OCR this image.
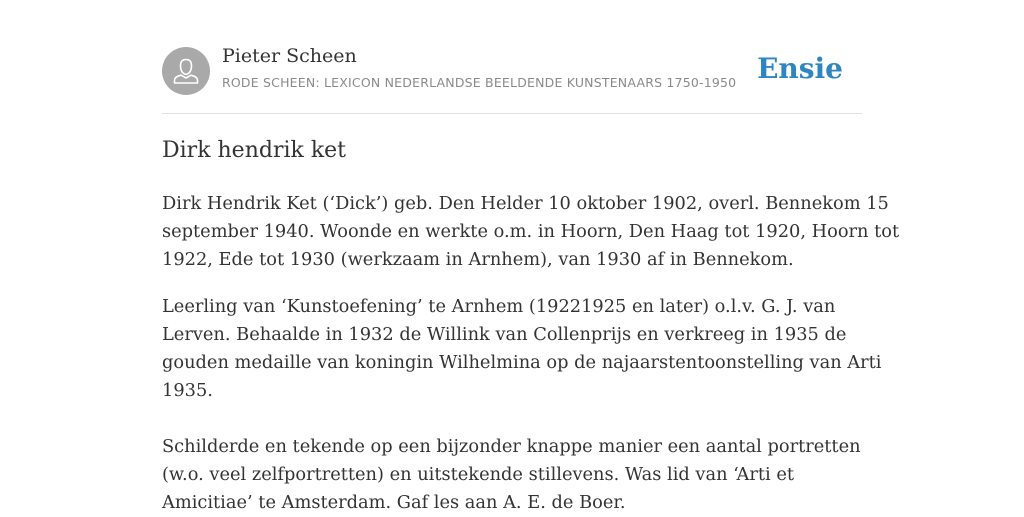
Pieter Scheen
RODE SCHEEN: LEXICON NEDERLANDSE BEELDENDE KUNSTENAARS 1750-1950 Ensie
Dirk hendrik ket

Dirk Hendrik Ket (‘Dick’) geb. Den Helder 10 oktober 1902, overl. Bennekom 15
september 1940. Woonde en werkte o.m. in Hoorn, Den Haag tot 1920, Hoorn tot
1922, Ede tot 1930 (werkzaam in Arnhem), van 1930 af in Bennekom.

Leerling van ‘Kunstoefening’ te Arnhem (19221925 en later) o.l.v. G. J. van
Lerven. Behaalde in 1932 de Willink van Collenprijs en verkreeg in 1935 de
gouden medaille van koningin Wilhelmina op de najaarstentoonstelling van Arti
1935.

Schilderde en tekende op een bijzonder knappe manier een aantal portretten
(w.o. veel zelfportretten) en uitstekende stillevens. Was lid van ‘Arti et
Amicitiae’ te Amsterdam. Gaf les aan A. E. de Boer.
